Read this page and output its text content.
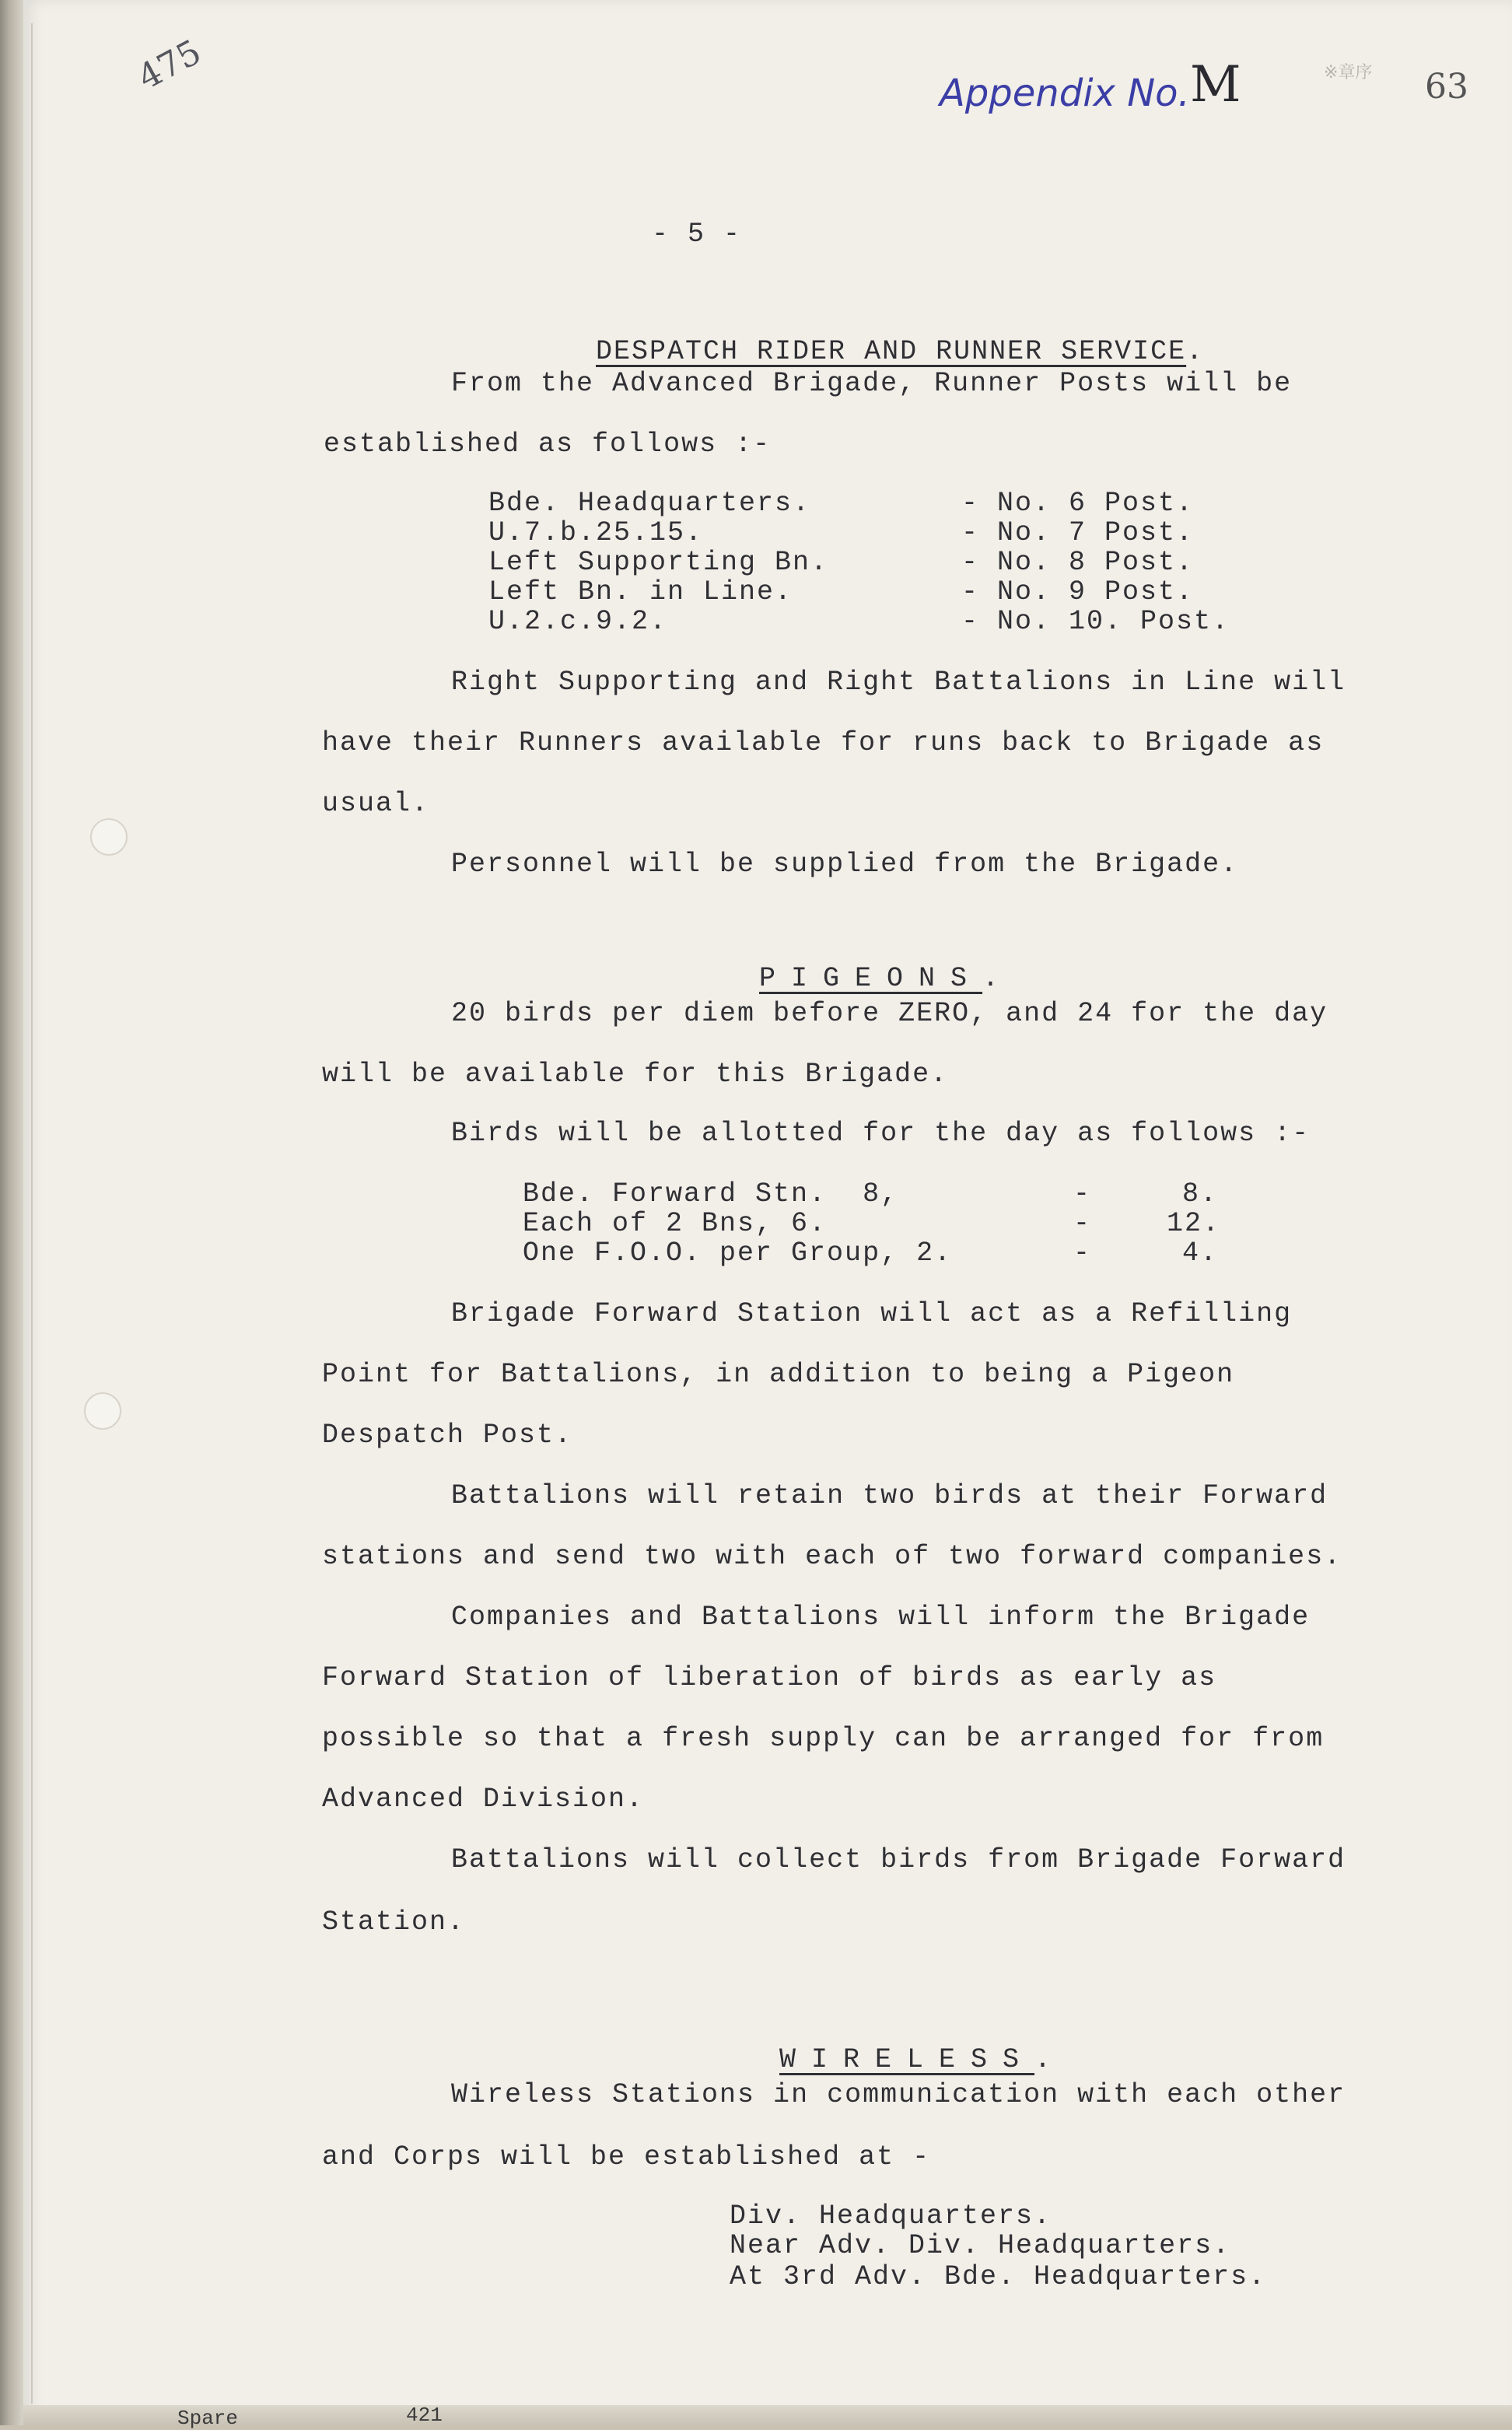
475	Appendix No. M	※章序 63
- 5 -

DESPATCH RIDER AND RUNNER SERVICE.

From the Advanced Brigade, Runner Posts will be
established as follows :-
Bde. Headquarters.	- No. 6 Post.
U.7.b.25.15.	- No. 7 Post.
Left Supporting Bn.	- No. 8 Post.
Left Bn. in Line.	- No. 9 Post.
U.2.c.9.2.	- No. 10. Post.
Right Supporting and Right Battalions in Line will
have their Runners available for runs back to Brigade as
usual.
Personnel will be supplied from the Brigade.

PIGEONS.

20 birds per diem before ZERO, and 24 for the day
will be available for this Brigade.
Birds will be allotted for the day as follows :-
Bde. Forward Stn.  8,	-	8.
Each of 2 Bns, 6.	-	12.
One F.O.O. per Group, 2.	-	4.
Brigade Forward Station will act as a Refilling
Point for Battalions, in addition to being a Pigeon
Despatch Post.
Battalions will retain two birds at their Forward
stations and send two with each of two forward companies.
Companies and Battalions will inform the Brigade
Forward Station of liberation of birds as early as
possible so that a fresh supply can be arranged for from
Advanced Division.
Battalions will collect birds from Brigade Forward
Station.

WIRELESS.

Wireless Stations in communication with each other
and Corps will be established at -
Div. Headquarters.
Near Adv. Div. Headquarters.
At 3rd Adv. Bde. Headquarters.
Spare	421
